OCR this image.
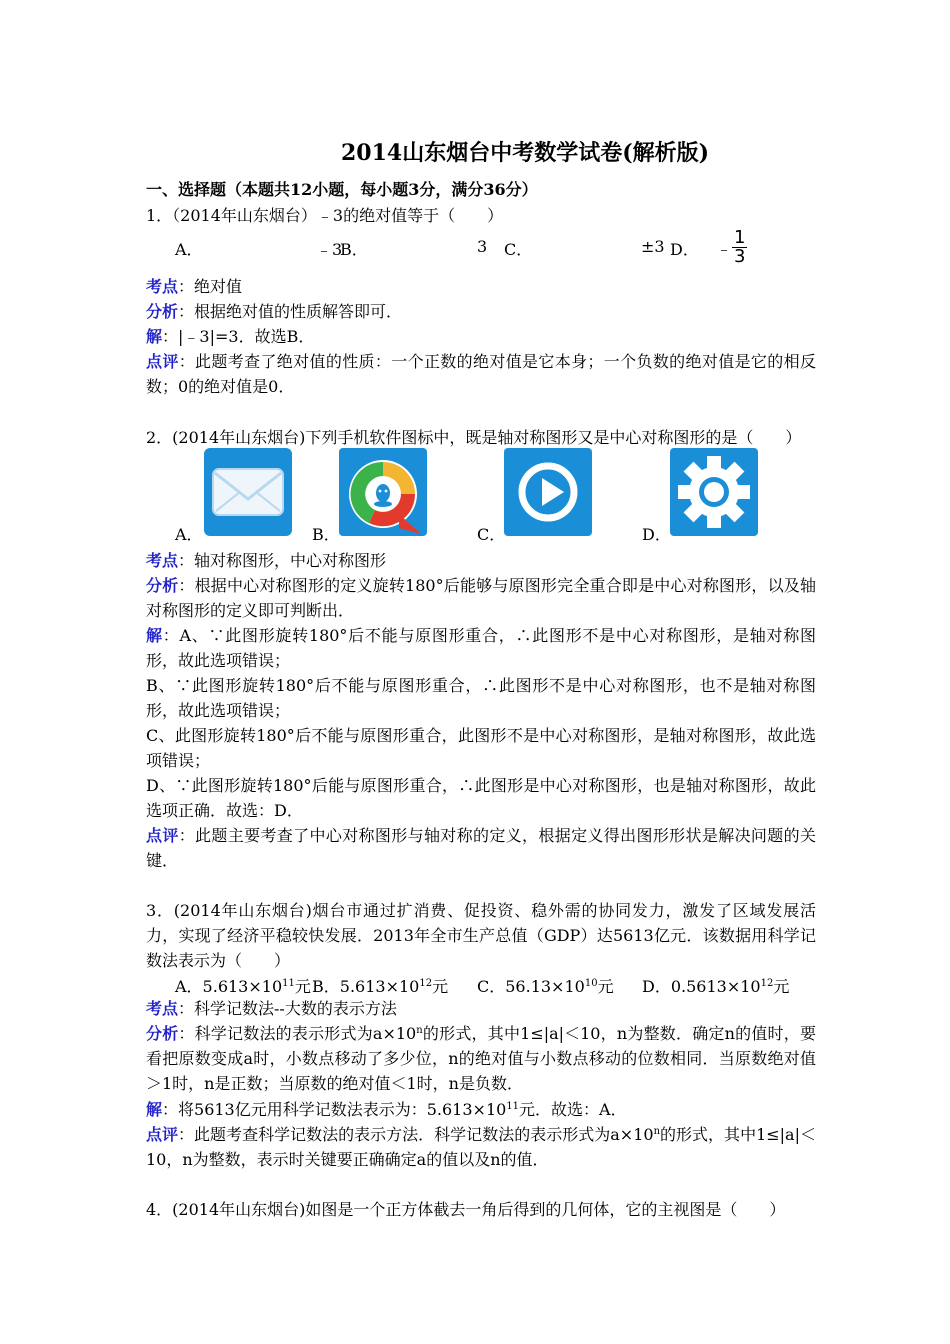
2014山东烟台中考数学试卷(解析版)
一、选择题（本题共12小题，每小题3分，满分36分）
1．（2014年山东烟台）﹣3的绝对值等于（　　）
A．	﹣3
B．	3 C．	±3 D． ﹣ $\frac{1}{3}$
考点：绝对值
分析：根据绝对值的性质解答即可．
解：|﹣3|=3．故选B．
点评：此题考查了绝对值的性质：一个正数的绝对值是它本身；一个负数的绝对值是它的相反数；0的绝对值是0．
2．(2014年山东烟台)下列手机软件图标中，既是轴对称图形又是中心对称图形的是（　　）
A．	B．	C．	D．
考点：轴对称图形，中心对称图形
分析：根据中心对称图形的定义旋转180°后能够与原图形完全重合即是中心对称图形，以及轴对称图形的定义即可判断出．
解：A、∵此图形旋转180°后不能与原图形重合，∴此图形不是中心对称图形，是轴对称图形，故此选项错误；
B、∵此图形旋转180°后不能与原图形重合，∴此图形不是中心对称图形，也不是轴对称图形，故此选项错误；
C、此图形旋转180°后不能与原图形重合，此图形不是中心对称图形，是轴对称图形，故此选项错误；
D、∵此图形旋转180°后能与原图形重合，∴此图形是中心对称图形，也是轴对称图形，故此选项正确．故选：D．
点评：此题主要考查了中心对称图形与轴对称的定义，根据定义得出图形形状是解决问题的关键．
3．(2014年山东烟台)烟台市通过扩消费、促投资、稳外需的协同发力，激发了区域发展活力，实现了经济平稳较快发展．2013年全市生产总值（GDP）达5613亿元．该数据用科学记数法表示为（　　）
A．$5.613\times 10^{11}$元 B．$5.613\times 10^{12}$元 C．$56.13\times 10^{10}$元 D．$0.5613\times 10^{12}$元
考点：科学记数法--大数的表示方法
分析：科学记数法的表示形式为$a\times 10^n$的形式，其中1≤|a|＜10，n为整数．确定n的值时，要看把原数变成a时，小数点移动了多少位，n的绝对值与小数点移动的位数相同．当原数绝对值＞1时，n是正数；当原数的绝对值＜1时，n是负数．
解：将5613亿元用科学记数法表示为：$5.613\times 10^{11}$元．故选：A．
点评：此题考查科学记数法的表示方法．科学记数法的表示形式为$a\times 10^n$的形式，其中1≤|a|＜10，n为整数，表示时关键要正确确定a的值以及n的值．
4．(2014年山东烟台)如图是一个正方体截去一角后得到的几何体，它的主视图是（　　）
